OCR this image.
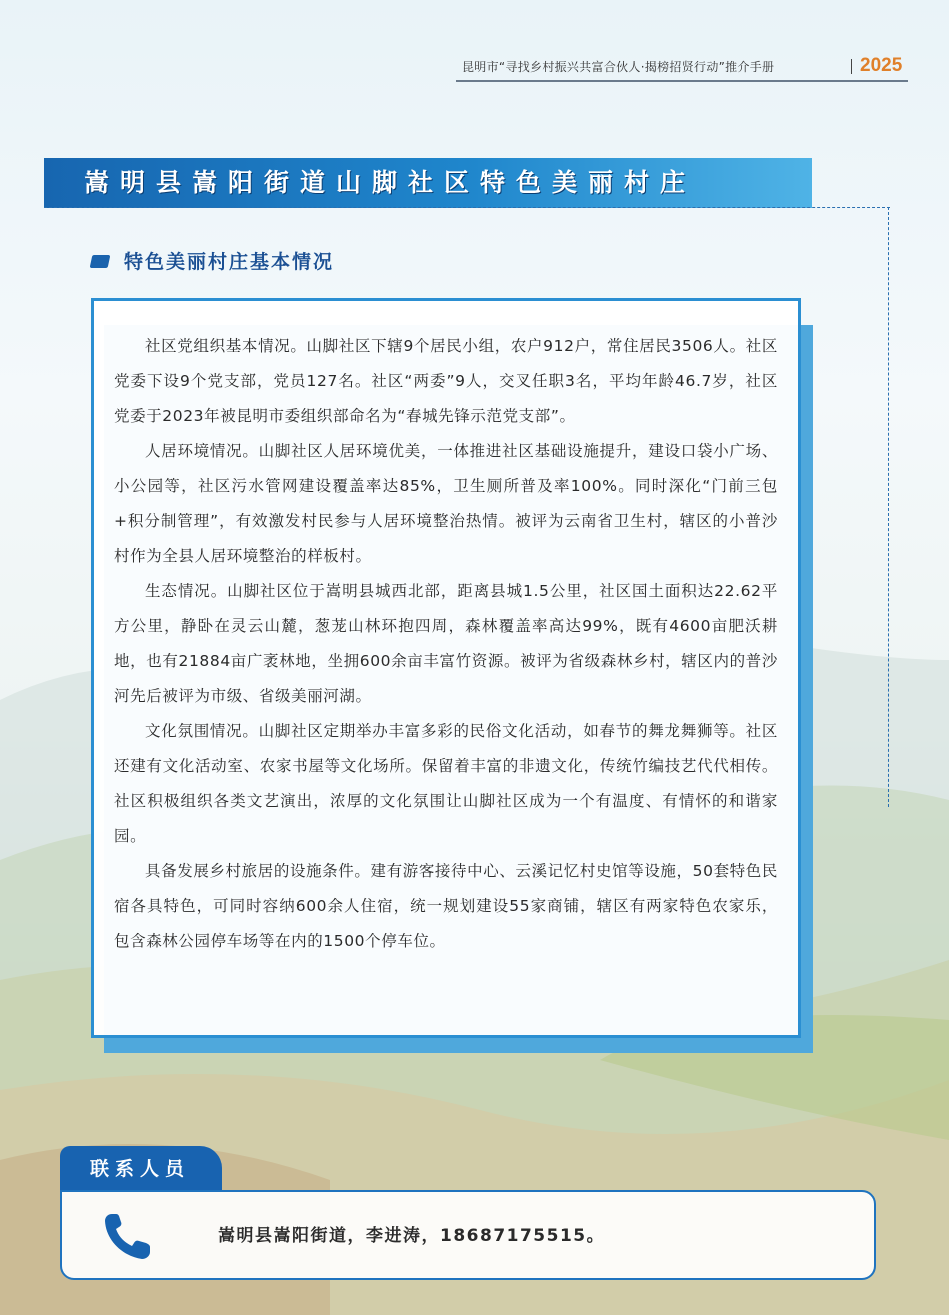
昆明市“寻找乡村振兴共富合伙人·揭榜招贤行动”推介手册	2025
嵩明县嵩阳街道山脚社区特色美丽村庄
特色美丽村庄基本情况

社区党组织基本情况。山脚社区下辖9个居民小组，农户912户，常住居民3506人。社区党委下设9个党支部，党员127名。社区“两委”9人，交叉任职3名，平均年龄46.7岁，社区党委于2023年被昆明市委组织部命名为“春城先锋示范党支部”。

人居环境情况。山脚社区人居环境优美，一体推进社区基础设施提升，建设口袋小广场、小公园等，社区污水管网建设覆盖率达85%，卫生厕所普及率100%。同时深化“门前三包+积分制管理”，有效激发村民参与人居环境整治热情。被评为云南省卫生村，辖区的小普沙村作为全县人居环境整治的样板村。

生态情况。山脚社区位于嵩明县城西北部，距离县城1.5公里，社区国土面积达22.62平方公里，静卧在灵云山麓，葱茏山林环抱四周，森林覆盖率高达99%，既有4600亩肥沃耕地，也有21884亩广袤林地，坐拥600余亩丰富竹资源。被评为省级森林乡村，辖区内的普沙河先后被评为市级、省级美丽河湖。

文化氛围情况。山脚社区定期举办丰富多彩的民俗文化活动，如春节的舞龙舞狮等。社区还建有文化活动室、农家书屋等文化场所。保留着丰富的非遗文化，传统竹编技艺代代相传。社区积极组织各类文艺演出，浓厚的文化氛围让山脚社区成为一个有温度、有情怀的和谐家园。

具备发展乡村旅居的设施条件。建有游客接待中心、云溪记忆村史馆等设施，50套特色民宿各具特色，可同时容纳600余人住宿，统一规划建设55家商铺，辖区有两家特色农家乐，包含森林公园停车场等在内的1500个停车位。

联系人员
嵩明县嵩阳街道，李进涛，18687175515。
